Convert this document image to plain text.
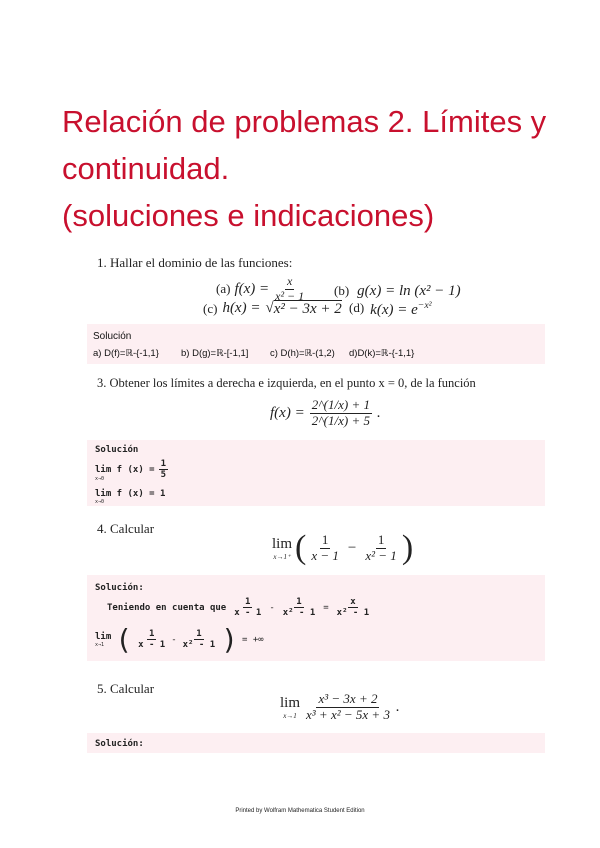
Relación de problemas 2. Límites y
continuidad.
(soluciones e indicaciones)
1. Hallar el dominio de las funciones:
(a) $f(x) = \frac{x}{\text{x² − 1}} (b) g(x) = \ln (x^2 - 1)$
(c) h(x) = √ x² − 3x + 2 (d) $k(x) = e^{-x^2}$
Solución
a) D(f)=ℝ-{-1,1} b) D(g)=ℝ-[-1,1] c) D(h)=ℝ-(1,2) d)D(k)=ℝ-{-1,1}
3. Obtener los límites a derecha e izquierda, en el punto x = 0, de la función
$f(x) = \frac{2\^{}(1/x) + 1}{2\^{}(1/x) + 5}$ .
Solución
lim f $(x) = \frac{1}{5}$
x→0
lim f (x) = 1
x→0
4. Calcular
lim
x→1⁺ ( $\frac{1}{x - 1} - \frac{1}{\text{x² − 1}}$ )
Solución:
Teniendo en cuenta que $\frac{1}{x - 1} - \frac{1}{\text{x² - 1}} = \frac{x}{\text{x² - 1}}$
lim
x→1 ( $\frac{1}{x - 1} - \frac{1}{\text{x² - 1}}$ ) = +∞
5. Calcular
lim
$x\to 1 \frac{\text{x³ − 3x + 2}}{\text{x³ + x² − 5x + 3}}$ .
Solución:
Printed by Wolfram Mathematica Student Edition
